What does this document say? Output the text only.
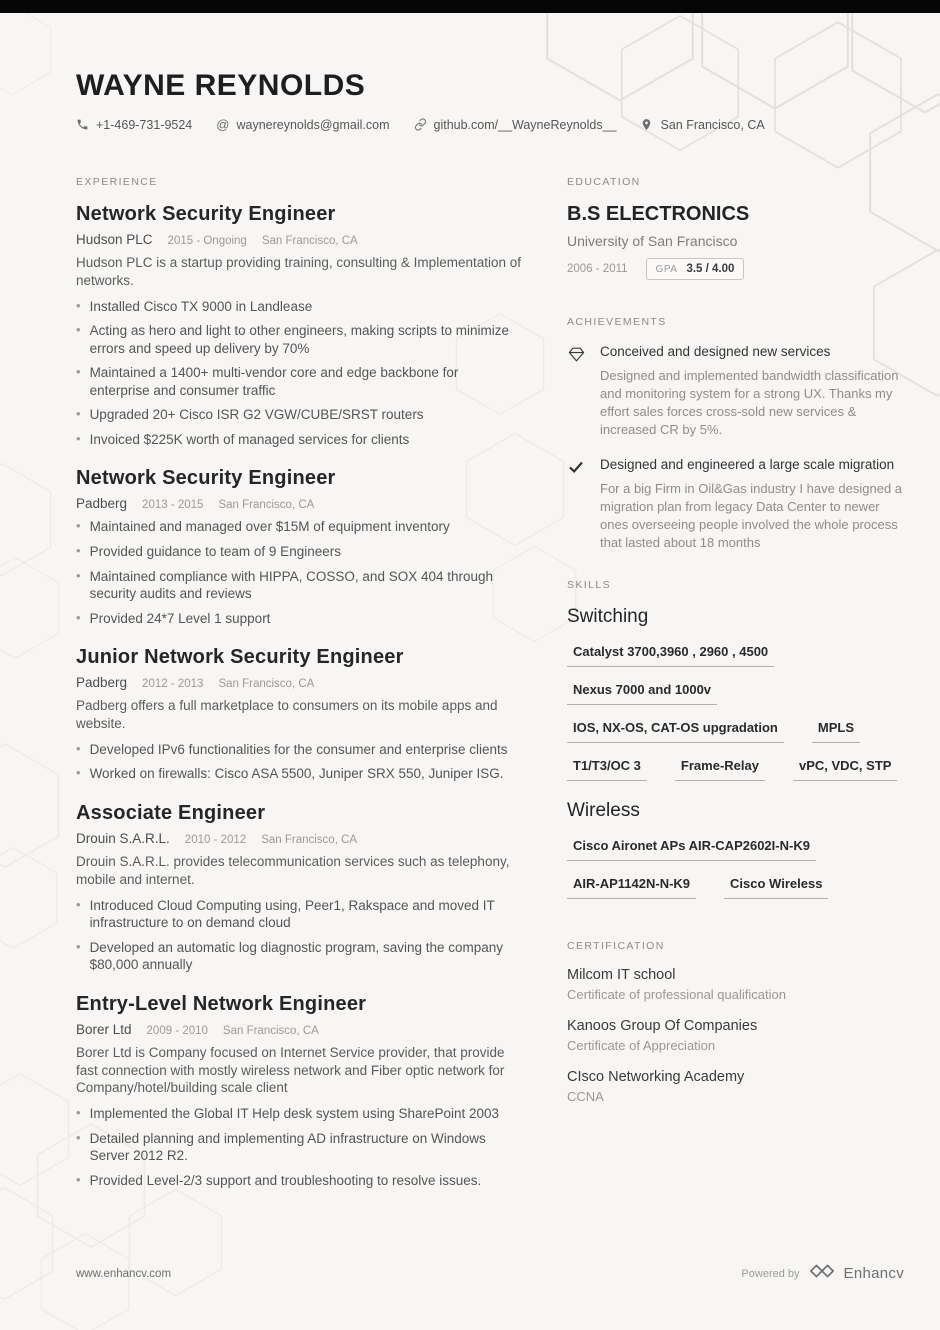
WAYNE REYNOLDS
+1-469-731-9524 @ waynereynolds@gmail.com	github.com/__WayneReynolds__	San Francisco, CA
EXPERIENCE
Network Security Engineer
Hudson PLC 2015 - Ongoing San Francisco, CA

Hudson PLC is a startup providing training, consulting & Implementation of networks.

• Installed Cisco TX 9000 in Landlease
• Acting as hero and light to other engineers, making scripts to minimize errors and speed up delivery by 70%
• Maintained a 1400+ multi-vendor core and edge backbone for enterprise and consumer traffic
• Upgraded 20+ Cisco ISR G2 VGW/CUBE/SRST routers
• Invoiced $225K worth of managed services for clients
Network Security Engineer
Padberg 2013 - 2015 San Francisco, CA
• Maintained and managed over $15M of equipment inventory
• Provided guidance to team of 9 Engineers
• Maintained compliance with HIPPA, COSSO, and SOX 404 through security audits and reviews
• Provided 24*7 Level 1 support
Junior Network Security Engineer
Padberg 2012 - 2013 San Francisco, CA

Padberg offers a full marketplace to consumers on its mobile apps and website.

• Developed IPv6 functionalities for the consumer and enterprise clients
• Worked on firewalls: Cisco ASA 5500, Juniper SRX 550, Juniper ISG.
Associate Engineer
Drouin S.A.R.L. 2010 - 2012 San Francisco, CA

Drouin S.A.R.L. provides telecommunication services such as telephony, mobile and internet.

• Introduced Cloud Computing using, Peer1, Rakspace and moved IT infrastructure to on demand cloud
• Developed an automatic log diagnostic program, saving the company $80,000 annually
Entry-Level Network Engineer
Borer Ltd 2009 - 2010 San Francisco, CA

Borer Ltd is Company focused on Internet Service provider, that provide fast connection with mostly wireless network and Fiber optic network for Company/hotel/building scale client

• Implemented the Global IT Help desk system using SharePoint 2003
• Detailed planning and implementing AD infrastructure on Windows Server 2012 R2.
• Provided Level-2/3 support and troubleshooting to resolve issues.
EDUCATION
B.S ELECTRONICS
University of San Francisco
2006 - 2011	GPA 3.5 / 4.00
ACHIEVEMENTS
Conceived and designed new services
Designed and implemented bandwidth classification and monitoring system for a strong UX. Thanks my effort sales forces cross-sold new services & increased CR by 5%.
Designed and engineered a large scale migration
For a big Firm in Oil&Gas industry I have designed a migration plan from legacy Data Center to newer ones overseeing people involved the whole process that lasted about 18 months
SKILLS
Switching
Catalyst 3700,3960 , 2960 , 4500
Nexus 7000 and 1000v
IOS, NX-OS, CAT-OS upgradation	MPLS
T1/T3/OC 3	Frame-Relay	vPC, VDC, STP
Wireless
Cisco Aironet APs AIR-CAP2602I-N-K9
AIR-AP1142N-N-K9	Cisco Wireless
CERTIFICATION
Milcom IT school
Certificate of professional qualification
Kanoos Group Of Companies
Certificate of Appreciation
CIsco Networking Academy
CCNA
www.enhancv.com	Powered by	Enhancv
